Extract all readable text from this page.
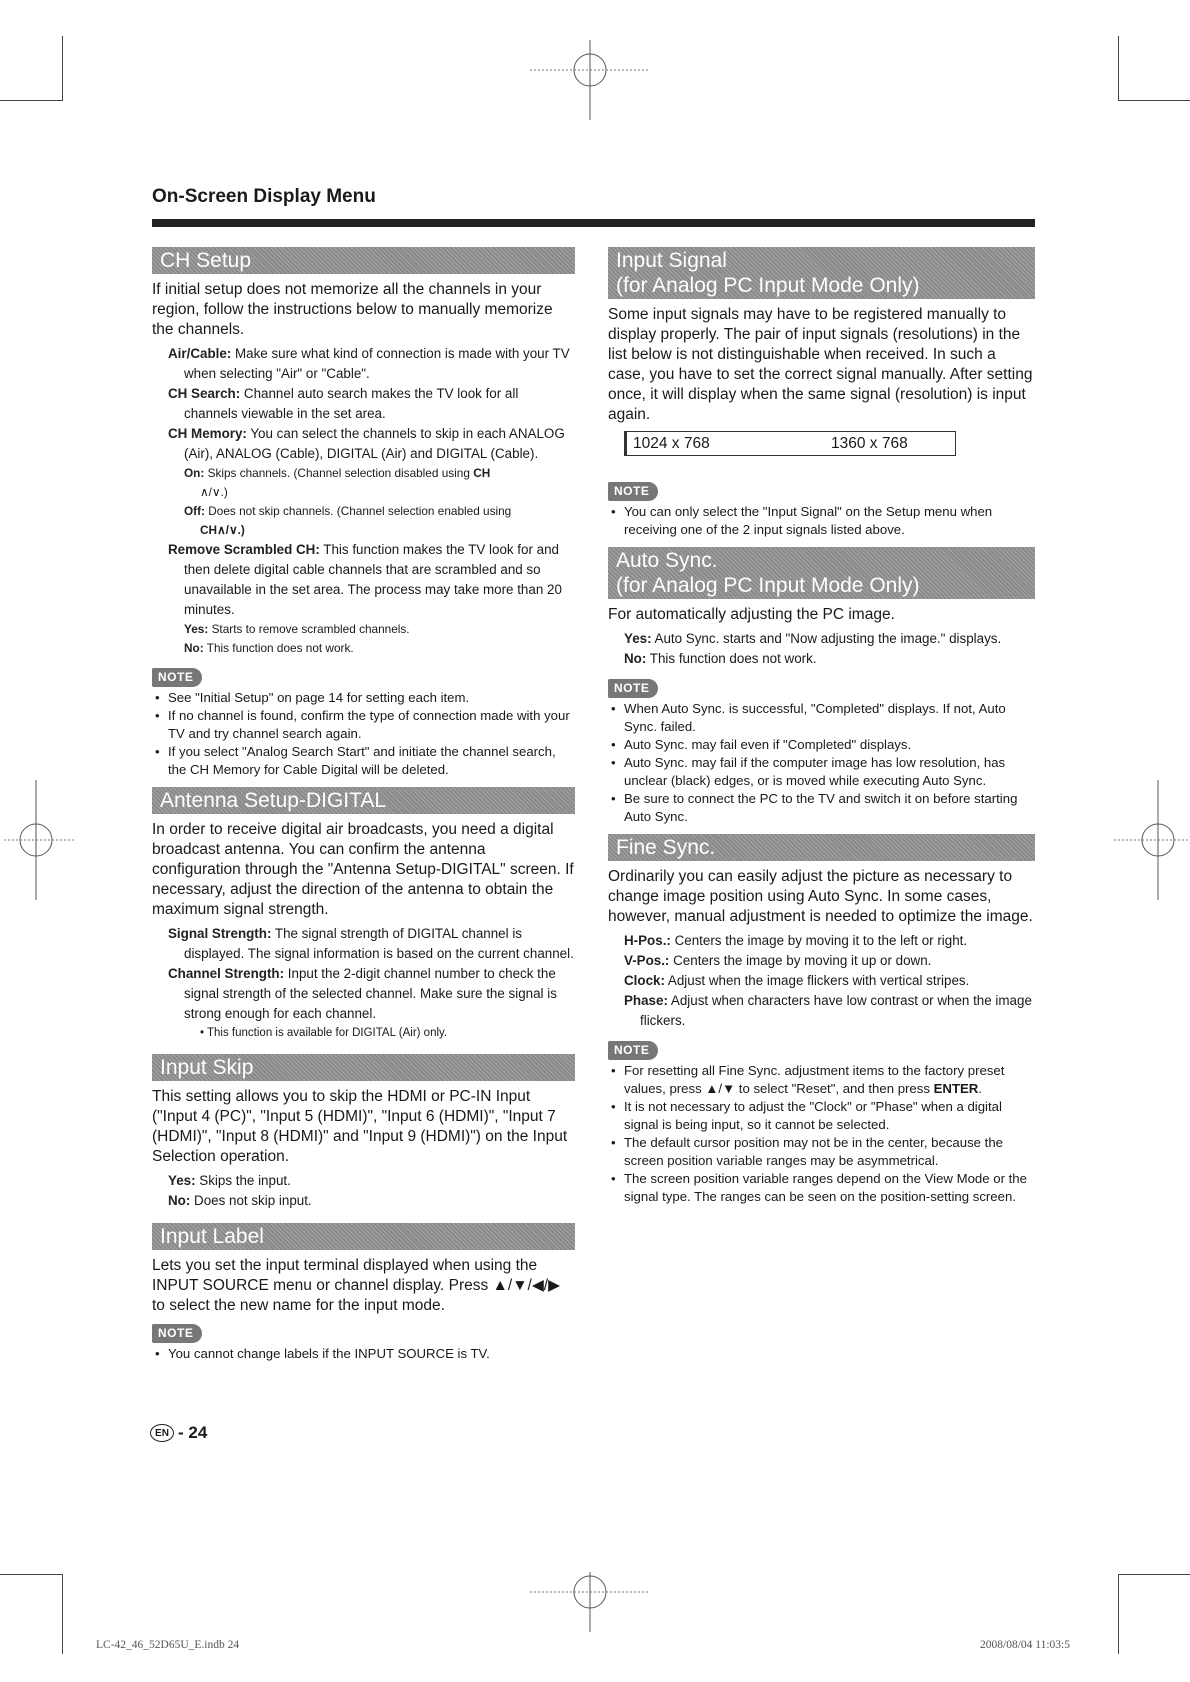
On-Screen Display Menu
CH Setup

If initial setup does not memorize all the channels in your region, follow the instructions below to manually memorize the channels.

Air/Cable: Make sure what kind of connection is made with your TV when selecting "Air" or "Cable".

CH Search: Channel auto search makes the TV look for all channels viewable in the set area.

CH Memory: You can select the channels to skip in each ANALOG (Air), ANALOG (Cable), DIGITAL (Air) and DIGITAL (Cable).

On: Skips channels. (Channel selection disabled using CH
∧/∨.)

Off: Does not skip channels. (Channel selection enabled using
CH∧/∨.)

Remove Scrambled CH: This function makes the TV look for and then delete digital cable channels that are scrambled and so unavailable in the set area. The process may take more than 20 minutes.

Yes: Starts to remove scrambled channels.

No: This function does not work.

NOTE
• See "Initial Setup" on page 14 for setting each item.
• If no channel is found, confirm the type of connection made with your TV and try channel search again.
• If you select "Analog Search Start" and initiate the channel search, the CH Memory for Cable Digital will be deleted.
Antenna Setup-DIGITAL

In order to receive digital air broadcasts, you need a digital broadcast antenna. You can confirm the antenna configuration through the "Antenna Setup-DIGITAL" screen. If necessary, adjust the direction of the antenna to obtain the maximum signal strength.

Signal Strength: The signal strength of DIGITAL channel is displayed. The signal information is based on the current channel.

Channel Strength: Input the 2-digit channel number to check the signal strength of the selected channel. Make sure the signal is strong enough for each channel.

• This function is available for DIGITAL (Air) only.

Input Skip

This setting allows you to skip the HDMI or PC-IN Input ("Input 4 (PC)", "Input 5 (HDMI)", "Input 6 (HDMI)", "Input 7 (HDMI)", "Input 8 (HDMI)" and "Input 9 (HDMI)") on the Input Selection operation.

Yes: Skips the input.

No: Does not skip input.

Input Label

Lets you set the input terminal displayed when using the INPUT SOURCE menu or channel display. Press ▲/▼/◀/▶ to select the new name for the input mode.

NOTE
• You cannot change labels if the INPUT SOURCE is TV.
Input Signal
(for Analog PC Input Mode Only)

Some input signals may have to be registered manually to display properly. The pair of input signals (resolutions) in the list below is not distinguishable when received. In such a case, you have to set the correct signal manually. After setting once, it will display when the same signal (resolution) is input again.

1024 x 768	1360 x 768
NOTE
• You can only select the "Input Signal" on the Setup menu when receiving one of the 2 input signals listed above.
Auto Sync.
(for Analog PC Input Mode Only)

For automatically adjusting the PC image.

Yes: Auto Sync. starts and "Now adjusting the image." displays.

No: This function does not work.

NOTE
• When Auto Sync. is successful, "Completed" displays. If not, Auto Sync. failed.
• Auto Sync. may fail even if "Completed" displays.
• Auto Sync. may fail if the computer image has low resolution, has unclear (black) edges, or is moved while executing Auto Sync.
• Be sure to connect the PC to the TV and switch it on before starting Auto Sync.
Fine Sync.

Ordinarily you can easily adjust the picture as necessary to change image position using Auto Sync. In some cases, however, manual adjustment is needed to optimize the image.

H-Pos.: Centers the image by moving it to the left or right.

V-Pos.: Centers the image by moving it up or down.

Clock: Adjust when the image flickers with vertical stripes.

Phase: Adjust when characters have low contrast or when the image flickers.

NOTE
• For resetting all Fine Sync. adjustment items to the factory preset values, press ▲/▼ to select "Reset", and then press ENTER.
• It is not necessary to adjust the "Clock" or "Phase" when a digital signal is being input, so it cannot be selected.
• The default cursor position may not be in the center, because the screen position variable ranges may be asymmetrical.
• The screen position variable ranges depend on the View Mode or the signal type. The ranges can be seen on the position-setting screen.
EN - 24
LC-42_46_52D65U_E.indb 24	2008/08/04 11:03:5
